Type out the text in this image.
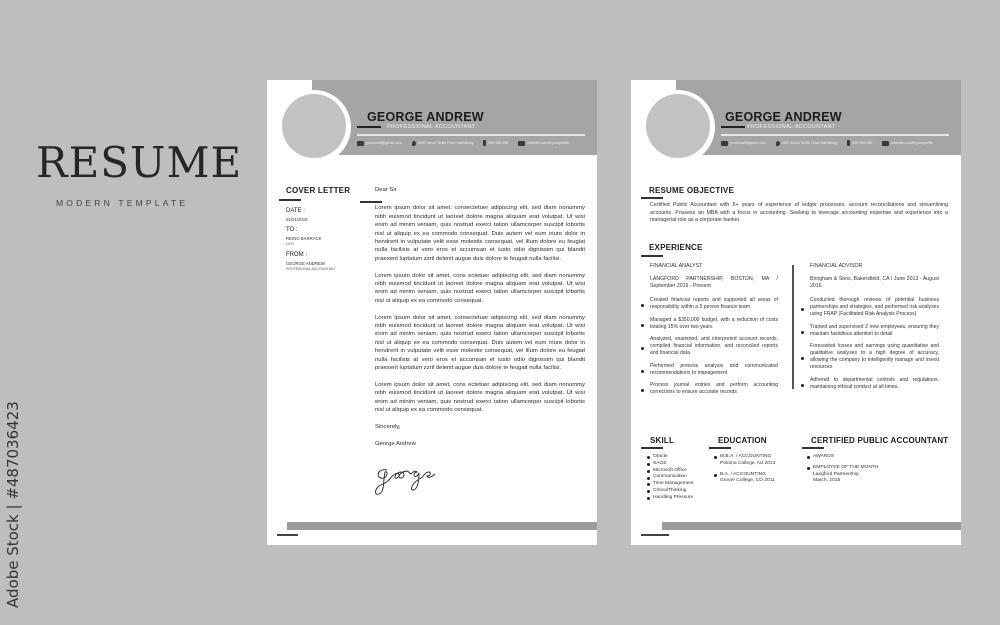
RESUME
MODERN TEMPLATE
Adobe Stock | #487036423
GEORGE ANDREW
PROFESSIONAL ACCOUNTANT
youremail@gmail.com	4597 Aaron Smith Drive Harrisburg	895 555 555	linkedin.com/in/yourprofile
COVER LETTER
DATE :
01/01/2019
TO :
REINO BARRACK
CEO
FROM :
GEORGE ANDREW
PROFESIONAL ACCOUNTANT

Dear Sir

Lorem ipsum dolor sit amet, consectetuer adipiscing elit, sed diam nonummy nibh euismod tincidunt ut laoreet dolore magna aliquam erat volutpat. Ut wisi enim ad minim veniam, quis nostrud exerci tation ullamcorper suscipit lobortis nisl ut aliquip ex ea commodo consequat. Duis autem vel eum iriure dolor in hendrerit in vulputate velit esse molestie consequat, vel illum dolore eu feugiat nulla facilisis at vero eros et accumsan et iusto odio dignissim qui blandit praesent luptatum zzril delenit augue duis dolore te feugait nulla facilisi.

Lorem ipsum dolor sit amet, cons ectetuer adipiscing elit, sed diam nonummy nibh euismod tincidunt ut laoreet dolore magna aliquam erat volutpat. Ut wisi enim ad minim veniam, quis nostrud exerci tation ullamcorper suscipit lobortis nisl ut aliquip ex ea commodo consequat.

Lorem ipsum dolor sit amet, consectetuer adipiscing elit, sed diam nonummy nibh euismod tincidunt ut laoreet dolore magna aliquam erat volutpat. Ut wisi enim ad minim veniam, quis nostrud exerci tation ullamcorper suscipit lobortis nisl ut aliquip ex ea commodo consequat. Duis autem vel eum iriure dolor in hendrerit in vulputate velit esse molestie consequat, vel illum dolore eu feugiat nulla facilisis at vero eros et accumsan et iusto odio dignissim qui blandit praesent luptatum zzril delenit augue duis dolore te feugait nulla facilisi.

Lorem ipsum dolor sit amet, cons ectetuer adipiscing elit, sed diam nonummy nibh euismod tincidunt ut laoreet dolore magna aliquam erat volutpat. Ut wisi enim ad minim veniam, quis nostrud exerci tation ullamcorper suscipit lobortis nisl ut aliquip ex ea commodo consequat.

Sincerely,

George Andrew

GEORGE ANDREW
PROFESSIONAL ACCOUNTANT
youremail@gmail.com	4597 Aaron Smith Drive Harrisburg	895 555 555	linkedin.com/in/yourprofile
RESUME OBJECTIVE
Certified Public Accountant with 5+ years of experience of ledger processes, account reconciliations and streamlining accounts. Possess an MBA with a focus in accounting. Seeking to leverage accounting expertise and experience into a managerial role as a corporate banker.
EXPERIENCE
FINANCIAL ANALYST
LANGFORD PARTNERSHIP, BOSTON, MA / September 2016 - Present
Created financial reports and supported all areas of responsibility within a 5 person finance team
Managed a $350,000 budget, with a reduction of costs totaling 15% over two years
Analyzed, examined, and interpreted account records, compiled financial information, and reconciled reports and financial data
Performed process analysis and communicated recommendations to management
Process journal entries and perform accounting corrections to ensure accurate records
FINANCIAL ADVISOR
Bringham & Sons, Bakersfield, CA / June 2013 - August 2016
Conducted thorough reviews of potential business partnerships and strategies, and performed risk analyses using FRAP (Facilitated Risk Analysis Process)
Trained and supervised 2 new employees, ensuring they maintain fastidious attention to detail
Forecasted losses and earnings using quantitative and qualitative analyses to a high degree of accuracy, allowing the company to intelligently manage and invest resources
Adhered to departmental controls and regulations, maintaining ethical conduct at all times.
SKILL
Oracle
SAGE
Microsoft Office
Communication
Time Management
CriticalThinking
Handling Pressure
EDUCATION
M.B.A. / ACCOUNTING
Poloma College, NJ 2013
B.A. / ACCOUNTING
Grover College, CO 2011
CERTIFIED PUBLIC ACCOUNTANT
AWARDS
EMPLOYEE OF THE MONTH
Langford Partnership
March, 2015
